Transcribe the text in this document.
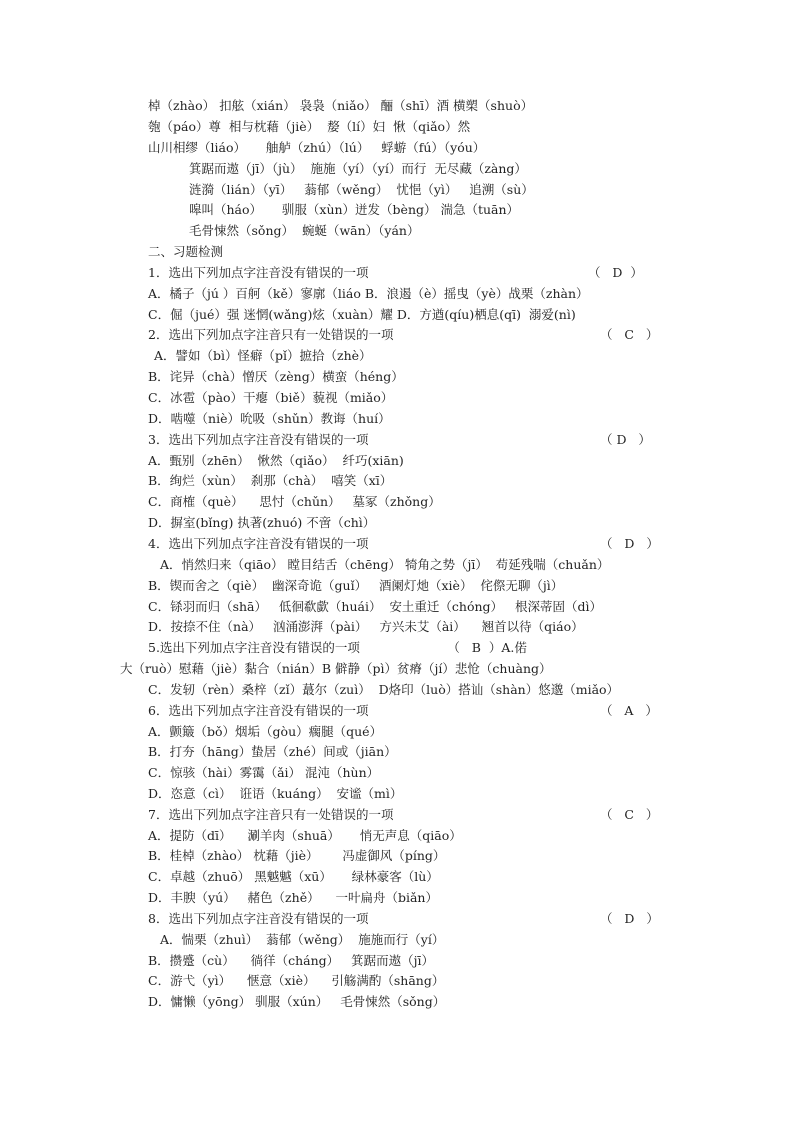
棹（zhào） 扣舷（xián） 袅袅（niǎo） 酾（shī）酒 横槊（shuò）
匏（páo）尊  相与枕藉（jiè）  嫠（lí）妇  愀（qiǎo）然
山川相缪（liáo）     舳舻（zhú）（lú）   蜉蝣（fú）（yóu）
箕踞而遨（jī）（jù）  施施（yí）（yí）而行  无尽藏（zàng）
涟漪（lián）（yī）   蓊郁（wěng）  忧悒（yì）   追溯（sù）
嗥叫（háo）     驯服（xùn）迸发（bèng） 湍急（tuān）
毛骨悚然（sǒng）  蜿蜒（wān）（yán）
二、习题检测
1．选出下列加点字注音没有错误的一项	（   D  ）
A．橘子（jú ）百舸（kě）寥廓（liáo B．浪遏（è）摇曳（yè）战栗（zhàn）
C．倔（jué）强 迷惘(wǎng)炫（xuàn）耀 D．方遒(qíu)栖息(qī)  溺爱(nì)
2．选出下列加点字注音只有一处错误的一项	（   C   ）
A．譬如（bì）怪癖（pǐ）摭拾（zhè）
B．诧异（chà）憎厌（zèng）横蛮（héng）
C．冰雹（pào）干瘪（biě）藐视（miǎo）
D．啮噬（niè）吮吸（shǔn）教诲（huí）
3．选出下列加点字注音没有错误的一项	（ D   ）
A．甄别（zhēn）  愀然（qiǎo）  纤巧(xiān)
B．绚烂（xùn）  刹那（chà）  嘻笑（xī）
C．商榷（què）    思忖（chǔn）   墓冢（zhǒng）
D．摒室(bǐng) 执著(zhuó) 不啻（chì）
4．选出下列加点字注音没有错误的一项	（   D   ）
A．悄然归来（qiāo） 瞠目结舌（chēng） 犄角之势（jī）  苟延残喘（chuǎn）
B．锲而舍之（qiè）  幽深奇诡（guǐ）   酒阑灯灺（xiè）  侘傺无聊（jì）
C．铩羽而归（shā）   低徊欷歔（huái）  安土重迁（chóng）   根深蒂固（dì）
D．按捺不住（nà）   汹涌澎湃（pài）   方兴未艾（ài）    翘首以待（qiáo）
5.选出下列加点字注音没有错误的一项                      （   B  ）A.偌
大（ruò）慰藉（jiè）黏合（nián）B 僻静（pì）贫瘠（jí）悲怆（chuàng）
C．发轫（rèn）桑梓（zǐ）蕞尔（zuì）  D烙印（luò）搭讪（shàn）悠邈（miǎo）
6．选出下列加点字注音没有错误的一项	（   A   ）
A．颤簸（bǒ）烟垢（gòu）瘸腿（qué）
B．打夯（hāng）蛰居（zhé）间或（jiān）
C．惊骇（hài）雾霭（ǎi） 混沌（hùn）
D．恣意（cì）  诳语（kuáng）  安谧（mì）
7．选出下列加点字注音只有一处错误的一项	（   C   ）
A．提防（dī）    涮羊肉（shuā）     悄无声息（qiāo）
B．桂棹（zhào） 枕藉（jiè）      冯虚御风（píng）
C．卓越（zhuō） 黑魆魆（xū）     绿林豪客（lù）
D．丰腴（yú）   赭色（zhě）    一叶扁舟（biǎn）
8．选出下列加点字注音没有错误的一项	（   D   ）
A．惴栗（zhuì）  蓊郁（wěng）  施施而行（yí）
B．攒蹙（cù）    徜徉（cháng）   箕踞而遨（jī）
C．游弋（yì）    惬意（xiè）    引觞满酌（shāng）
D．慵懒（yōng） 驯服（xún）   毛骨悚然（sǒng）
